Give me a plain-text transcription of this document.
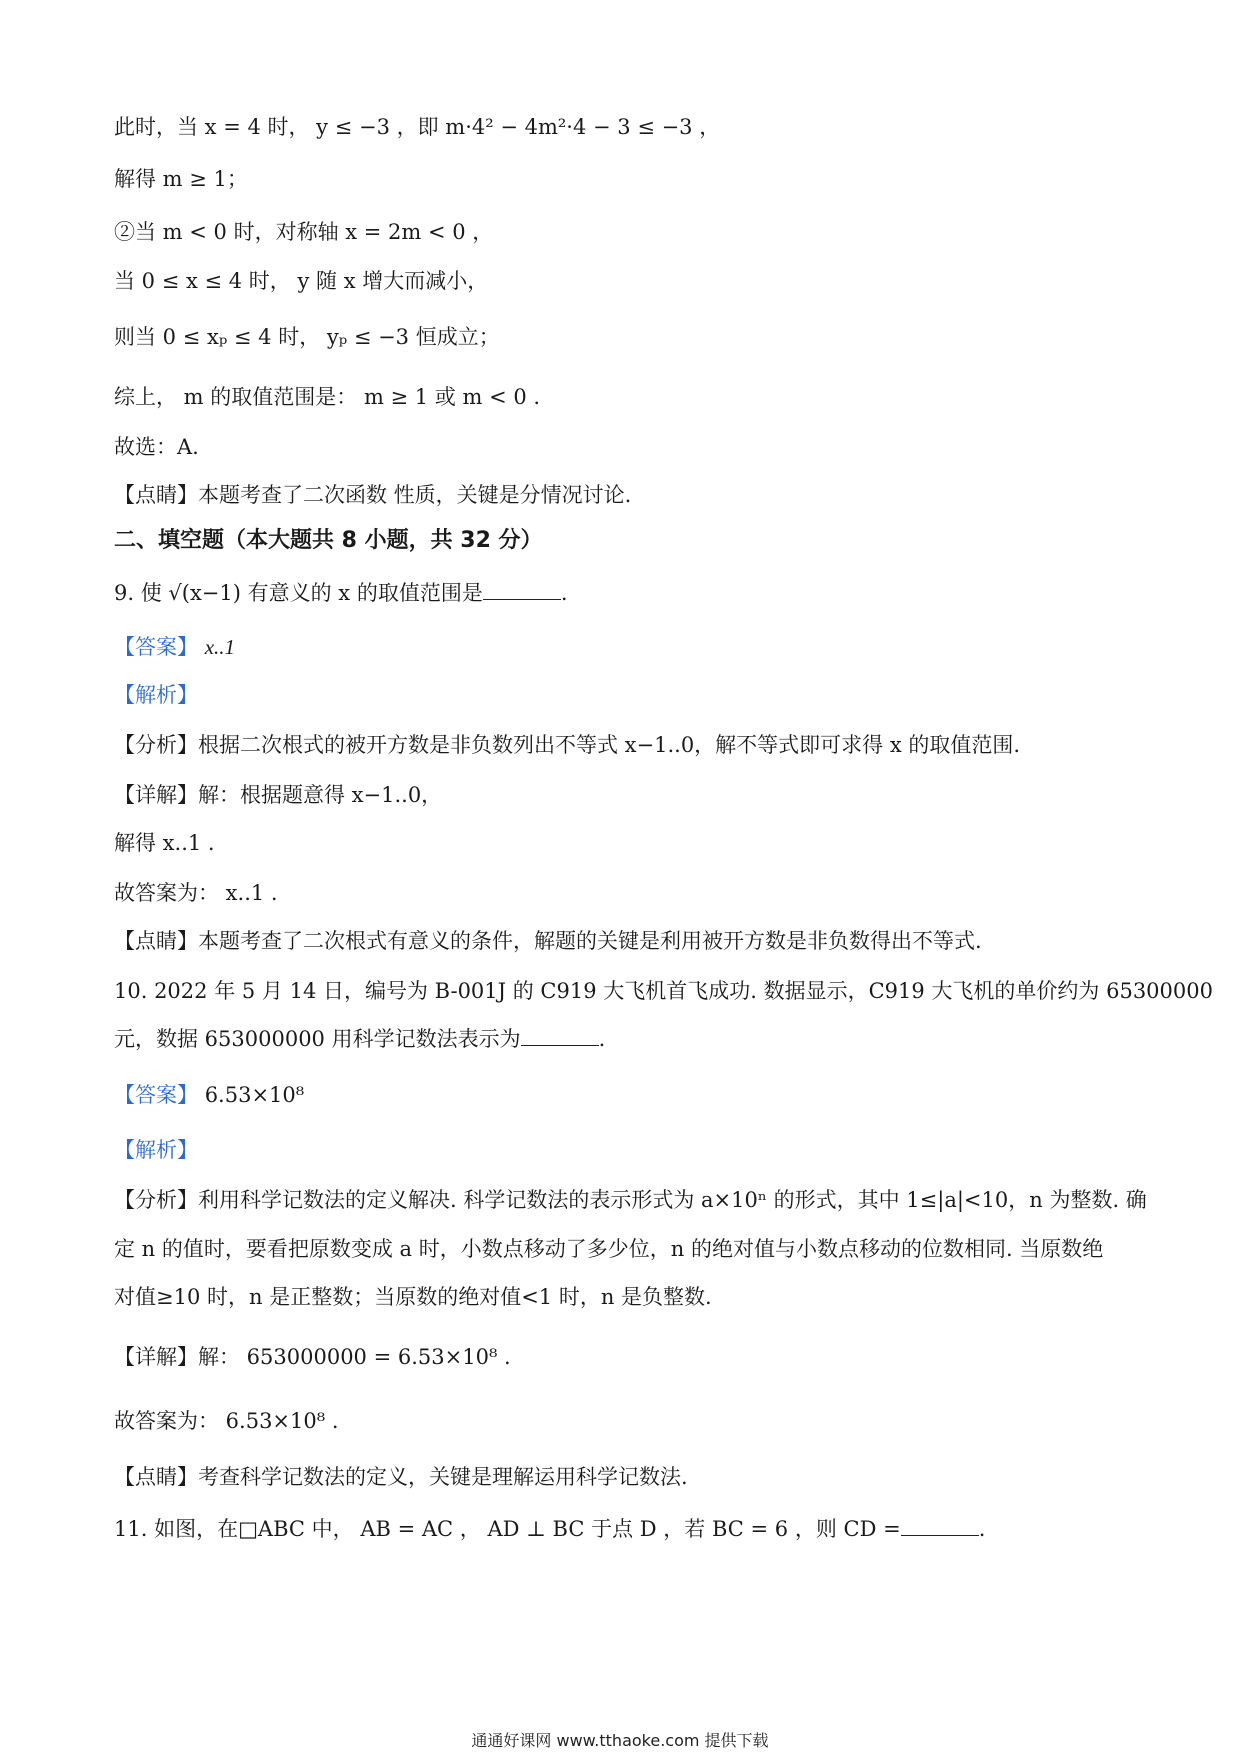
此时，当 x = 4 时， y ≤ −3 ，即 m·4² − 4m²·4 − 3 ≤ −3 ，
解得 m ≥ 1；
②当 m < 0 时，对称轴 x = 2m < 0 ，
当 0 ≤ x ≤ 4 时， y 随 x 增大而减小，
则当 0 ≤ xₚ ≤ 4 时， yₚ ≤ −3 恒成立；
综上， m 的取值范围是： m ≥ 1 或 m < 0 .
故选：A.
【点睛】本题考查了二次函数 性质，关键是分情况讨论.
二、填空题（本大题共 8 小题，共 32 分）
9. 使 √(x−1) 有意义的 x 的取值范围是	.
【答案】 x..1
【解析】
【分析】根据二次根式的被开方数是非负数列出不等式 x−1..0，解不等式即可求得 x 的取值范围.
【详解】解：根据题意得 x−1..0，
解得 x..1 .
故答案为： x..1 .
【点睛】本题考查了二次根式有意义的条件，解题的关键是利用被开方数是非负数得出不等式.
10. 2022 年 5 月 14 日，编号为 B-001J 的 C919 大飞机首飞成功. 数据显示，C919 大飞机的单价约为 65300000
元，数据 653000000 用科学记数法表示为	.
【答案】 6.53×10⁸
【解析】
【分析】利用科学记数法的定义解决. 科学记数法的表示形式为 a×10ⁿ 的形式，其中 1≤|a|<10，n 为整数. 确
定 n 的值时，要看把原数变成 a 时，小数点移动了多少位，n 的绝对值与小数点移动的位数相同. 当原数绝
对值≥10 时，n 是正整数；当原数的绝对值<1 时，n 是负整数.
【详解】解： 653000000 = 6.53×10⁸ .
故答案为： 6.53×10⁸ .
【点睛】考查科学记数法的定义，关键是理解运用科学记数法.
11. 如图，在□ABC 中， AB = AC ， AD ⊥ BC 于点 D ，若 BC = 6 ，则 CD =	.
通通好课网 www.tthaoke.com 提供下载
